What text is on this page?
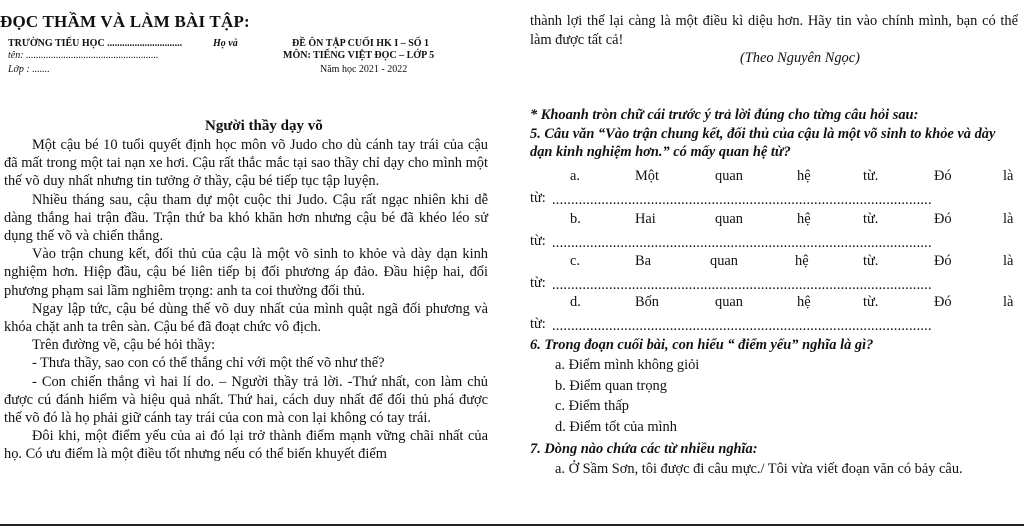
ĐỌC THẦM VÀ LÀM BÀI TẬP:
TRƯỜNG TIỂU HỌC ..............................	Họ và
tên: .....................................................
Lớp : .......
ĐỀ ÔN TẬP CUỐI HK I – SỐ 1
MÔN: TIẾNG VIỆT ĐỌC – LỚP 5
Năm học 2021 - 2022
Người thầy dạy võ

Một cậu bé 10 tuổi quyết định học môn võ Judo cho dù cánh tay trái của cậu đã mất trong một tai nạn xe hơi. Cậu rất thắc mắc tại sao thầy chỉ dạy cho mình một thế võ duy nhất nhưng tin tưởng ở thầy, cậu bé tiếp tục tập luyện.

Nhiều tháng sau, cậu tham dự một cuộc thi Judo. Cậu rất ngạc nhiên khi dễ dàng thắng hai trận đầu. Trận thứ ba khó khăn hơn nhưng cậu bé đã khéo léo sử dụng thế võ và chiến thắng.

Vào trận chung kết, đối thủ của cậu là một võ sinh to khỏe và dày dạn kinh nghiệm hơn. Hiệp đầu, cậu bé liên tiếp bị đối phương áp đảo. Đầu hiệp hai, đối phương phạm sai lầm nghiêm trọng: anh ta coi thường đối thủ.

Ngay lập tức, cậu bé dùng thế võ duy nhất của mình quật ngã đối phương và khóa chặt anh ta trên sàn. Cậu bé đã đoạt chức vô địch.

Trên đường về, cậu bé hỏi thầy:

- Thưa thầy, sao con có thể thắng chỉ với một thế võ như thế?

- Con chiến thắng vì hai lí do. – Người thầy trả lời. -Thứ nhất, con làm chủ được cú đánh hiểm và hiệu quả nhất. Thứ hai, cách duy nhất để đối thủ phá được thế võ đó là họ phải giữ cánh tay trái của con mà con lại không có tay trái.

Đôi khi, một điểm yếu của ai đó lại trở thành điểm mạnh vững chãi nhất của họ. Có ưu điểm là một điều tốt nhưng nếu có thể biến khuyết điểm

thành lợi thế lại càng là một điều kì diệu hơn. Hãy tin vào chính mình, bạn có thể làm được tất cả!

(Theo Nguyên Ngọc)
* Khoanh tròn chữ cái trước ý trả lời đúng cho từng câu hỏi sau:
5. Câu văn “Vào trận chung kết, đối thủ của cậu là một võ sinh to khỏe và dày dạn kinh nghiệm hơn.” có mấy quan hệ từ?
a.	Một	quan	hệ	từ.	Đó	là
từ: ....................................................................................................
b.	Hai	quan	hệ	từ.	Đó	là
từ: ....................................................................................................
c.	Ba	quan	hệ	từ.	Đó	là
từ: ....................................................................................................
d.	Bốn	quan	hệ	từ.	Đó	là
từ: ....................................................................................................
6. Trong đoạn cuối bài, con hiểu “ điểm yếu” nghĩa là gì?
a. Điểm mình không giỏi
b. Điểm quan trọng
c. Điểm thấp
d. Điểm tốt của mình
7. Dòng nào chứa các từ nhiều nghĩa:
a. Ở Sầm Sơn, tôi được đi câu mực./ Tôi vừa viết đoạn văn có bảy câu.
